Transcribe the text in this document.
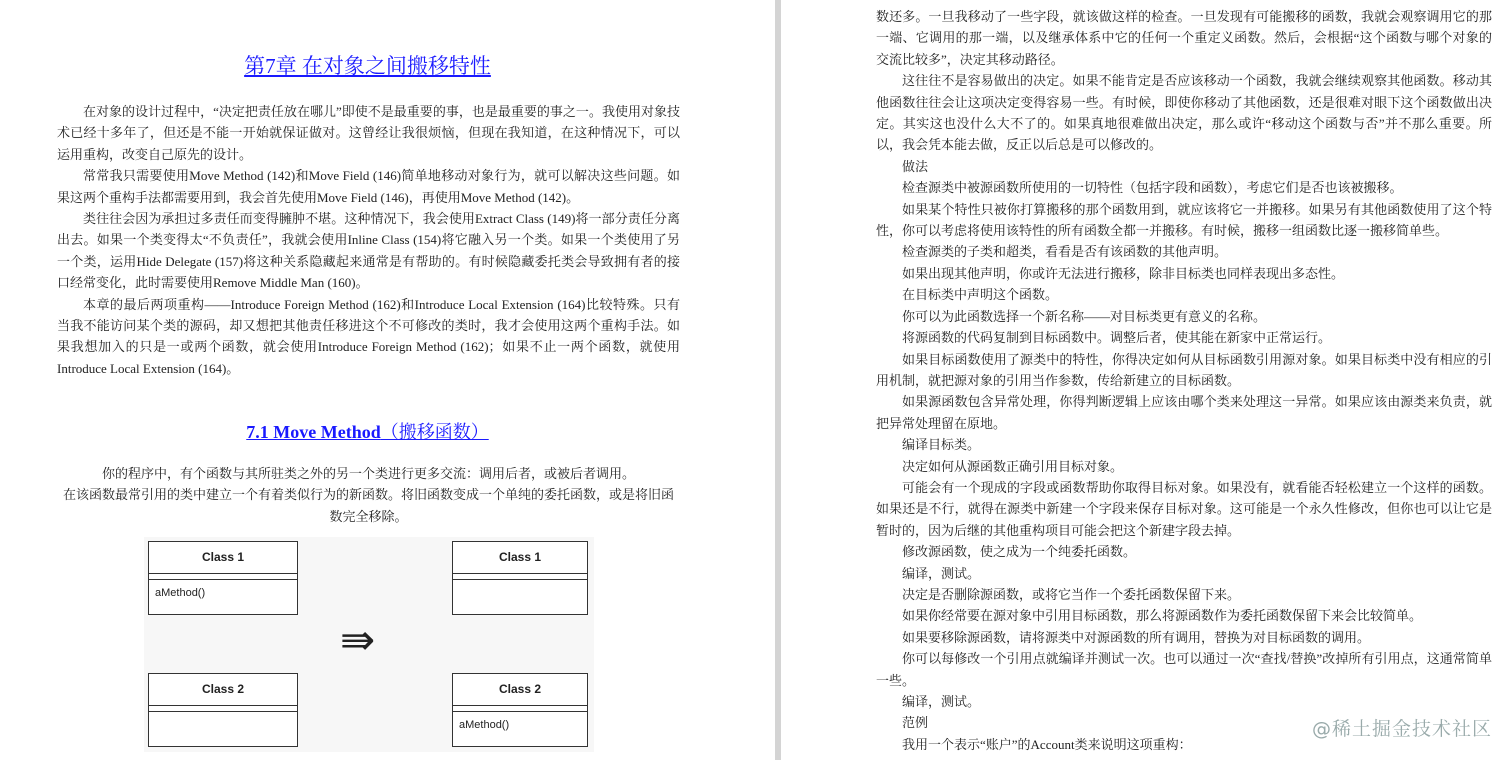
第7章 在对象之间搬移特性

在对象的设计过程中，“决定把责任放在哪儿”即使不是最重要的事，也是最重要的事之一。我使用对象技术已经十多年了，但还是不能一开始就保证做对。这曾经让我很烦恼，但现在我知道，在这种情况下，可以运用重构，改变自己原先的设计。

常常我只需要使用Move Method (142)和Move Field (146)简单地移动对象行为，就可以解决这些问题。如果这两个重构手法都需要用到，我会首先使用Move Field (146)，再使用Move Method (142)。

类往往会因为承担过多责任而变得臃肿不堪。这种情况下，我会使用Extract Class (149)将一部分责任分离出去。如果一个类变得太“不负责任”，我就会使用Inline Class (154)将它融入另一个类。如果一个类使用了另一个类，运用Hide Delegate (157)将这种关系隐藏起来通常是有帮助的。有时候隐藏委托类会导致拥有者的接口经常变化，此时需要使用Remove Middle Man (160)。

本章的最后两项重构——Introduce Foreign Method (162)和Introduce Local Extension (164)比较特殊。只有当我不能访问某个类的源码，却又想把其他责任移进这个不可修改的类时，我才会使用这两个重构手法。如果我想加入的只是一或两个函数，就会使用Introduce Foreign Method (162)；如果不止一两个函数，就使用Introduce Local Extension (164)。

7.1 Move Method（搬移函数）

你的程序中，有个函数与其所驻类之外的另一个类进行更多交流：调用后者，或被后者调用。

在该函数最常引用的类中建立一个有着类似行为的新函数。将旧函数变成一个单纯的委托函数，或是将旧函数完全移除。

Class 1
aMethod()
Class 2
⇛
Class 1
Class 2
aMethod()

数还多。一旦我移动了一些字段，就该做这样的检查。一旦发现有可能搬移的函数，我就会观察调用它的那一端、它调用的那一端，以及继承体系中它的任何一个重定义函数。然后，会根据“这个函数与哪个对象的交流比较多”，决定其移动路径。

这往往不是容易做出的决定。如果不能肯定是否应该移动一个函数，我就会继续观察其他函数。移动其他函数往往会让这项决定变得容易一些。有时候，即使你移动了其他函数，还是很难对眼下这个函数做出决定。其实这也没什么大不了的。如果真地很难做出决定，那么或许“移动这个函数与否”并不那么重要。所以，我会凭本能去做，反正以后总是可以修改的。

做法

检查源类中被源函数所使用的一切特性（包括字段和函数），考虑它们是否也该被搬移。

如果某个特性只被你打算搬移的那个函数用到，就应该将它一并搬移。如果另有其他函数使用了这个特性，你可以考虑将使用该特性的所有函数全都一并搬移。有时候，搬移一组函数比逐一搬移简单些。

检查源类的子类和超类，看看是否有该函数的其他声明。

如果出现其他声明，你或许无法进行搬移，除非目标类也同样表现出多态性。

在目标类中声明这个函数。

你可以为此函数选择一个新名称——对目标类更有意义的名称。

将源函数的代码复制到目标函数中。调整后者，使其能在新家中正常运行。

如果目标函数使用了源类中的特性，你得决定如何从目标函数引用源对象。如果目标类中没有相应的引用机制，就把源对象的引用当作参数，传给新建立的目标函数。

如果源函数包含异常处理，你得判断逻辑上应该由哪个类来处理这一异常。如果应该由源类来负责，就把异常处理留在原地。

编译目标类。

决定如何从源函数正确引用目标对象。

可能会有一个现成的字段或函数帮助你取得目标对象。如果没有，就看能否轻松建立一个这样的函数。如果还是不行，就得在源类中新建一个字段来保存目标对象。这可能是一个永久性修改，但你也可以让它是暂时的，因为后继的其他重构项目可能会把这个新建字段去掉。

修改源函数，使之成为一个纯委托函数。

编译，测试。

决定是否删除源函数，或将它当作一个委托函数保留下来。

如果你经常要在源对象中引用目标函数，那么将源函数作为委托函数保留下来会比较简单。

如果要移除源函数，请将源类中对源函数的所有调用，替换为对目标函数的调用。

你可以每修改一个引用点就编译并测试一次。也可以通过一次“查找/替换”改掉所有引用点，这通常简单一些。

编译，测试。

范例

我用一个表示“账户”的Account类来说明这项重构：

@稀土掘金技术社区
